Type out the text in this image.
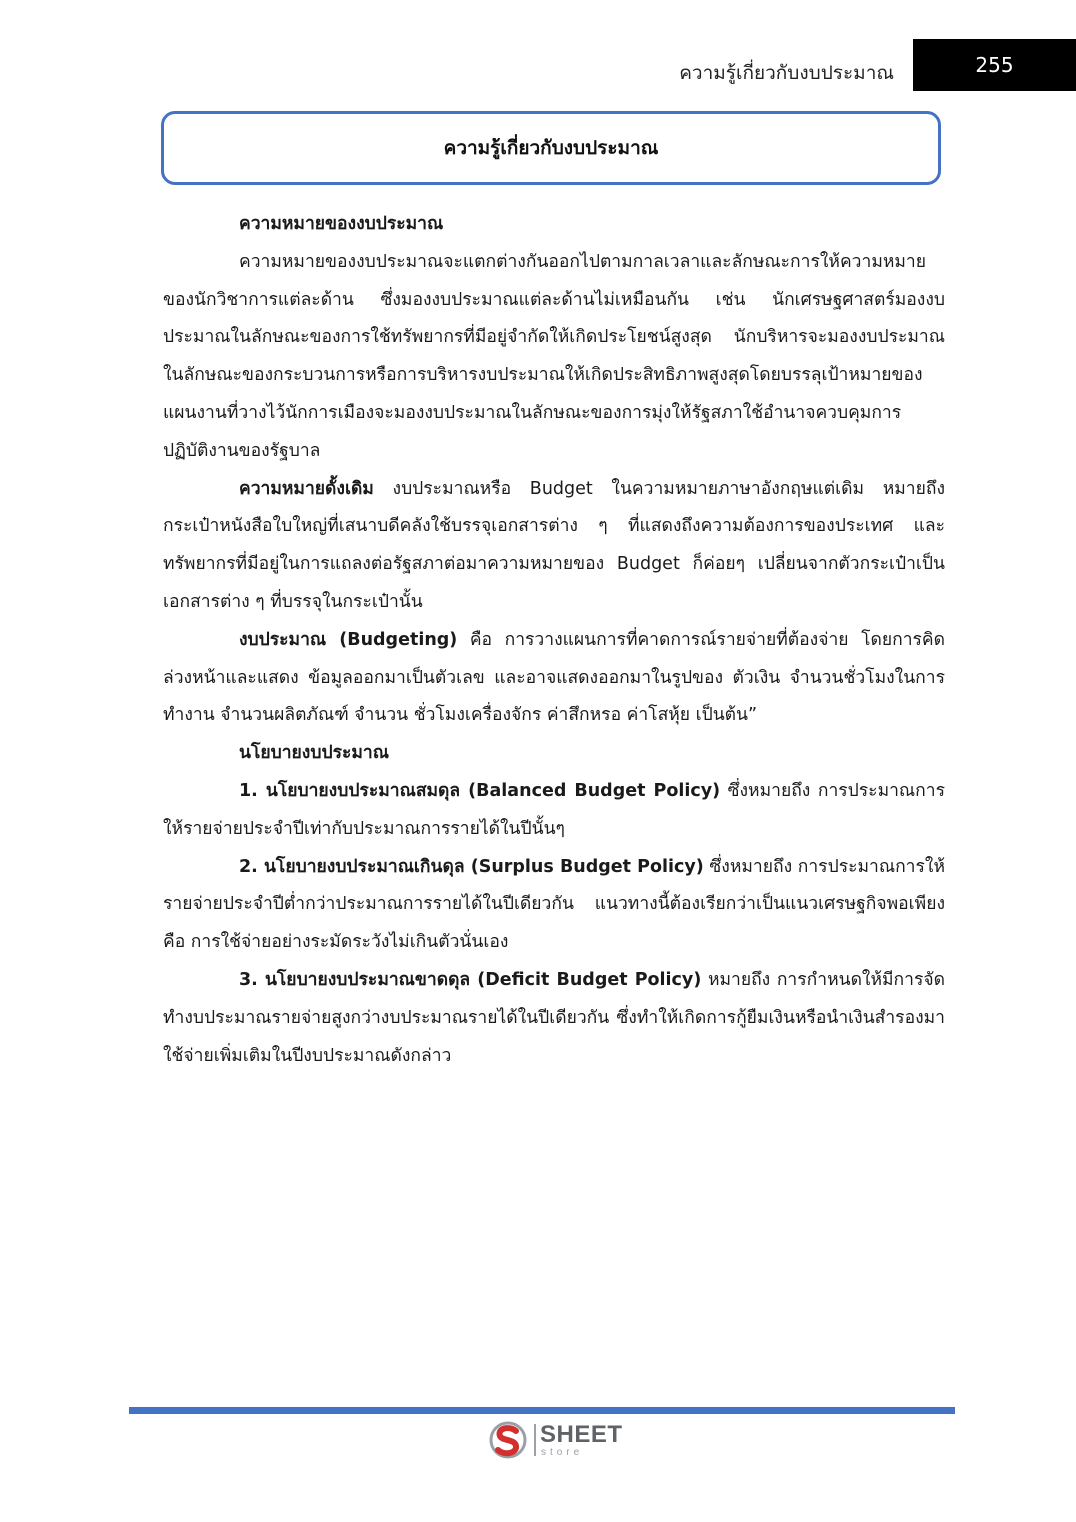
ความรู้เกี่ยวกับงบประมาณ	255
ความรู้เกี่ยวกับงบประมาณ

ความหมายของงบประมาณ

ความหมายของงบประมาณจะแตกต่างกันออกไปตามกาลเวลาและลักษณะการให้ความหมายของนักวิชาการแต่ละด้าน ซึ่งมองงบประมาณแต่ละด้านไม่เหมือนกัน เช่น นักเศรษฐศาสตร์มองงบประมาณในลักษณะของการใช้ทรัพยากรที่มีอยู่จำกัดให้เกิดประโยชน์สูงสุด นักบริหารจะมองงบประมาณในลักษณะของกระบวนการหรือการบริหารงบประมาณให้เกิดประสิทธิภาพสูงสุดโดยบรรลุเป้าหมายของแผนงานที่วางไว้นักการเมืองจะมองงบประมาณในลักษณะของการมุ่งให้รัฐสภาใช้อำนาจควบคุมการปฏิบัติงานของรัฐบาล

ความหมายดั้งเดิม งบประมาณหรือ Budget ในความหมายภาษาอังกฤษแต่เดิม หมายถึงกระเป๋าหนังสือใบใหญ่ที่เสนาบดีคลังใช้บรรจุเอกสารต่าง ๆ ที่แสดงถึงความต้องการของประเทศ และทรัพยากรที่มีอยู่ในการแถลงต่อรัฐสภาต่อมาความหมายของ Budget ก็ค่อยๆ เปลี่ยนจากตัวกระเป๋าเป็นเอกสารต่าง ๆ ที่บรรจุในกระเป๋านั้น

งบประมาณ (Budgeting) คือ การวางแผนการที่คาดการณ์รายจ่ายที่ต้องจ่าย โดยการคิดล่วงหน้าและแสดง ข้อมูลออกมาเป็นตัวเลข และอาจแสดงออกมาในรูปของ ตัวเงิน จำนวนชั่วโมงในการทำงาน จำนวนผลิตภัณฑ์ จำนวน ชั่วโมงเครื่องจักร ค่าสึกหรอ ค่าโสหุ้ย เป็นต้น”

นโยบายงบประมาณ

1. นโยบายงบประมาณสมดุล (Balanced Budget Policy) ซึ่งหมายถึง การประมาณการให้รายจ่ายประจำปีเท่ากับประมาณการรายได้ในปีนั้นๆ

2. นโยบายงบประมาณเกินดุล (Surplus Budget Policy) ซึ่งหมายถึง การประมาณการให้รายจ่ายประจำปีต่ำกว่าประมาณการรายได้ในปีเดียวกัน แนวทางนี้ต้องเรียกว่าเป็นแนวเศรษฐกิจพอเพียง คือ การใช้จ่ายอย่างระมัดระวังไม่เกินตัวนั่นเอง

3. นโยบายงบประมาณขาดดุล (Deficit Budget Policy) หมายถึง การกำหนดให้มีการจัดทำงบประมาณรายจ่ายสูงกว่างบประมาณรายได้ในปีเดียวกัน ซึ่งทำให้เกิดการกู้ยืมเงินหรือนำเงินสำรองมาใช้จ่ายเพิ่มเติมในปีงบประมาณดังกล่าว

SHEET
store
